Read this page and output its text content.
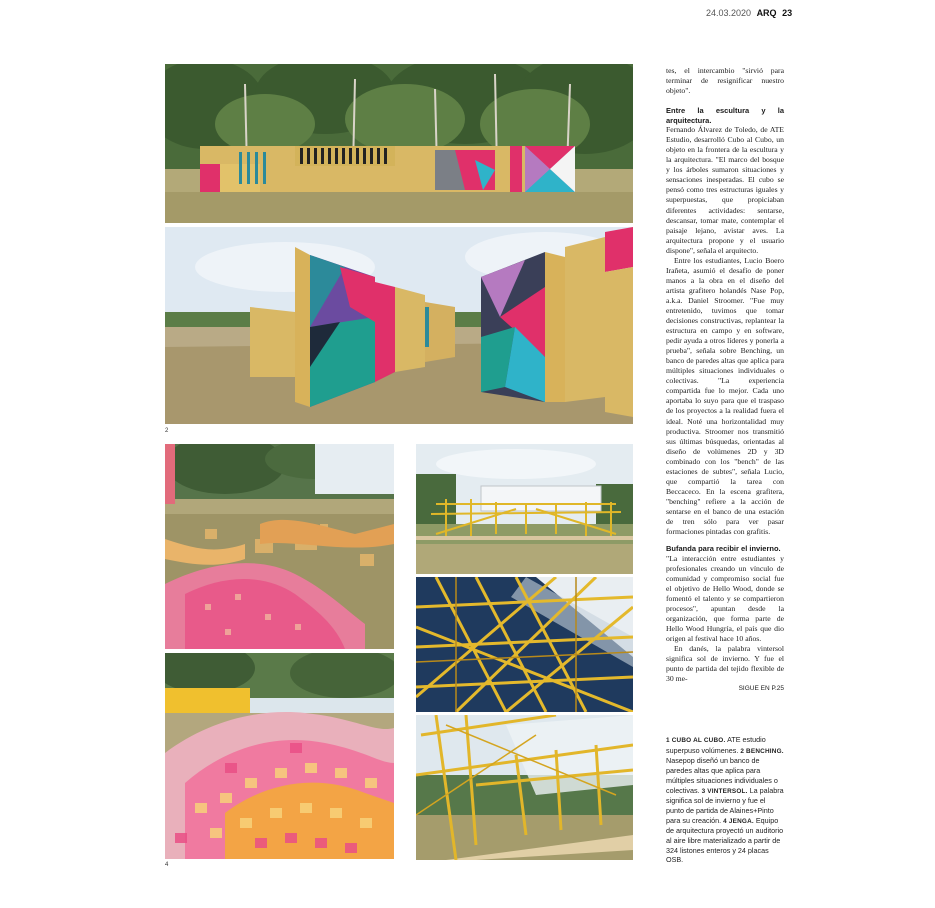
24.03.2020 ARQ 23
2
4

tes, el intercambio "sirvió para terminar de resignificar nuestro objeto".

Entre la escultura y la arquitectura.

Fernando Álvarez de Toledo, de ATE Estudio, desarrolló Cubo al Cubo, un objeto en la frontera de la escultura y la arquitectura. "El marco del bosque y los árboles sumaron situaciones y sensaciones inesperadas. El cubo se pensó como tres estructuras iguales y superpuestas, que propiciaban diferentes actividades: sentarse, descansar, tomar mate, contemplar el paisaje lejano, avistar aves. La arquitectura propone y el usuario dispone", señala el arquitecto.

Entre los estudiantes, Lucio Boero Irañeta, asumió el desafío de poner manos a la obra en el diseño del artista grafitero holandés Nase Pop, a.k.a. Daniel Stroomer. "Fue muy entretenido, tuvimos que tomar decisiones constructivas, replantear la estructura en campo y en software, pedir ayuda a otros líderes y ponerla a prueba", señala sobre Benching, un banco de paredes altas que aplica para múltiples situaciones individuales o colectivas. "La experiencia compartida fue lo mejor. Cada uno aportaba lo suyo para que el traspaso de los proyectos a la realidad fuera el ideal. Noté una horizontalidad muy productiva. Stroomer nos transmitió sus últimas búsquedas, orientadas al diseño de volúmenes 2D y 3D combinado con los "bench" de las estaciones de subtes", señala Lucio, que compartió la tarea con Beccaceco. En la escena grafitera, "benching" refiere a la acción de sentarse en el banco de una estación de tren sólo para ver pasar formaciones pintadas con grafitis.

Bufanda para recibir el invierno.

"La interacción entre estudiantes y profesionales creando un vínculo de comunidad y compromiso social fue el objetivo de Hello Wood, donde se fomentó el talento y se compartieron procesos", apuntan desde la organización, que forma parte de Hello Wood Hungría, el país que dio origen al festival hace 10 años.

En danés, la palabra vintersol significa sol de invierno. Y fue el punto de partida del tejido flexible de 30 me-

SIGUE EN P.25

1 CUBO AL CUBO. ATE estudio superpuso volúmenes. 2 BENCHING. Nasepop diseñó un banco de paredes altas que aplica para múltiples situaciones individuales o colectivas. 3 VINTERSOL. La palabra significa sol de invierno y fue el punto de partida de Alaines+Pinto para su creación. 4 JENGA. Equipo de arquitectura proyectó un auditorio al aire libre materializado a partir de 324 listones enteros y 24 placas OSB.
